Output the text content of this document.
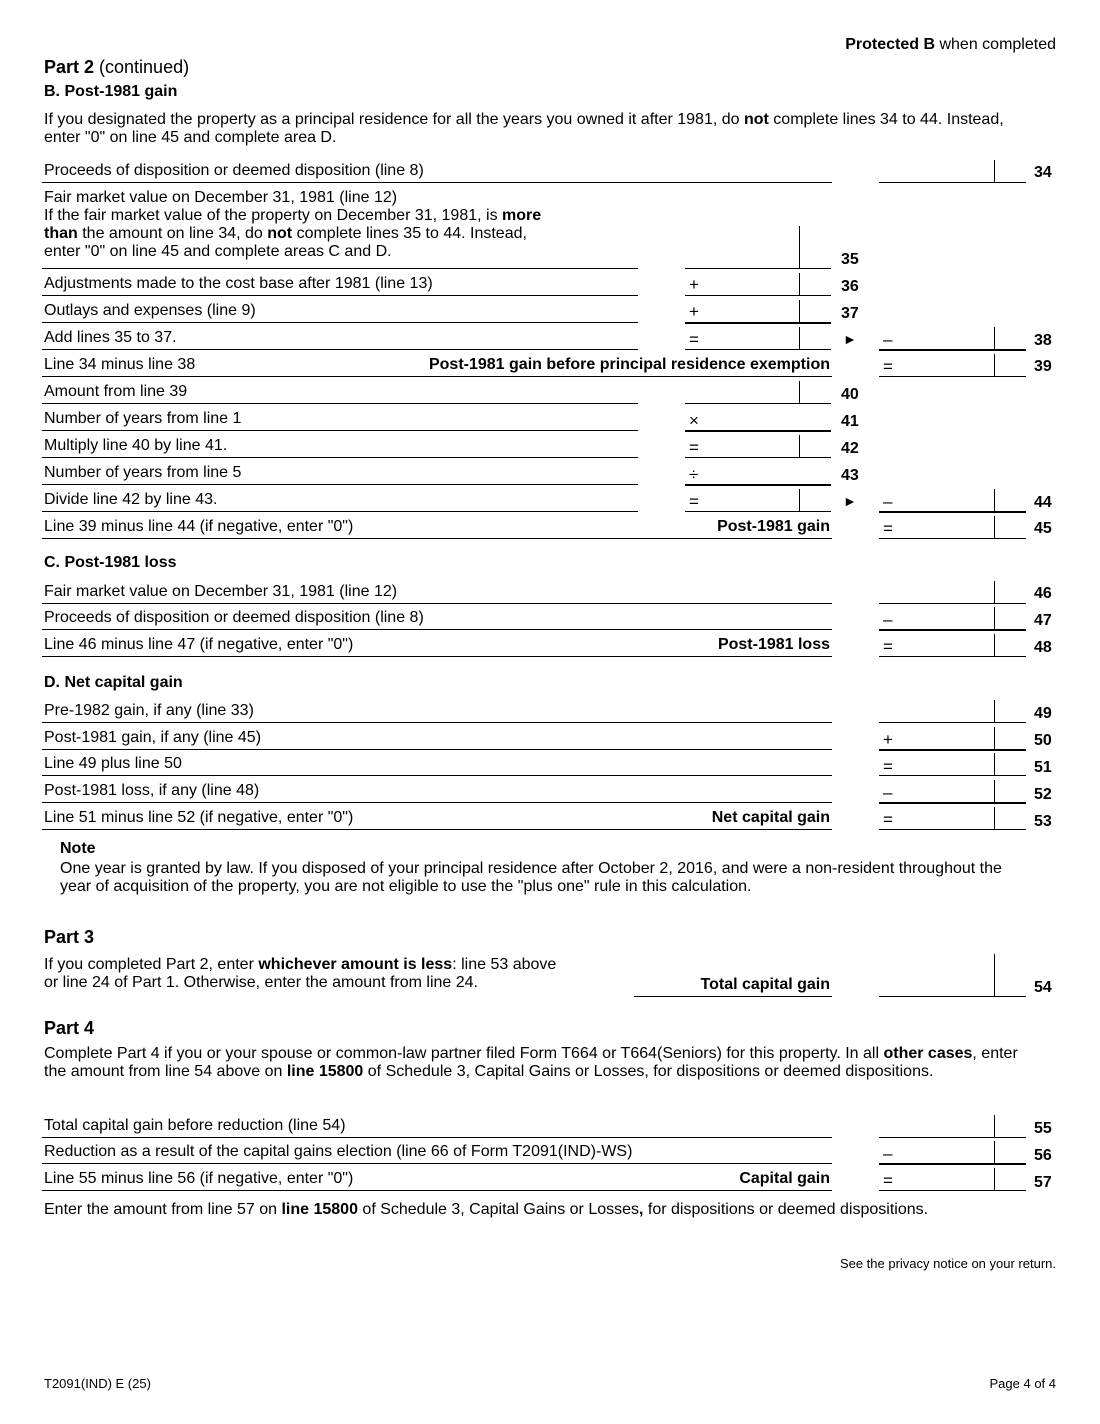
Protected B when completed
Part 2 (continued)
B. Post-1981 gain
If you designated the property as a principal residence for all the years you owned it after 1981, do not complete lines 34 to 44. Instead, enter "0" on line 45 and complete area D.
Proceeds of disposition or deemed disposition (line 8)	34
Fair market value on December 31, 1981 (line 12)
If the fair market value of the property on December 31, 1981, is more
than the amount on line 34, do not complete lines 35 to 44. Instead,
enter "0" on line 45 and complete areas C and D.	35
Adjustments made to the cost base after 1981 (line 13)	+	36
Outlays and expenses (line 9)	+	37
Add lines 35 to 37.	=	► –	38
Line 34 minus line 38	Post-1981 gain before principal residence exemption	=	39
Amount from line 39	40
Number of years from line 1	×	41
Multiply line 40 by line 41.	=	42
Number of years from line 5	÷	43
Divide line 42 by line 43.	=	► –	44
Line 39 minus line 44 (if negative, enter "0")	Post-1981 gain	=	45
C. Post-1981 loss
Fair market value on December 31, 1981 (line 12)	46
Proceeds of disposition or deemed disposition (line 8)	–	47
Line 46 minus line 47 (if negative, enter "0")	Post-1981 loss	=	48
D. Net capital gain
Pre-1982 gain, if any (line 33)	49
Post-1981 gain, if any (line 45)	+	50
Line 49 plus line 50	=	51
Post-1981 loss, if any (line 48)	–	52
Line 51 minus line 52 (if negative, enter "0")	Net capital gain	=	53
Note
One year is granted by law. If you disposed of your principal residence after October 2, 2016, and were a non-resident throughout the year of acquisition of the property, you are not eligible to use the "plus one" rule in this calculation.
Part 3
If you completed Part 2, enter whichever amount is less: line 53 above
or line 24 of Part 1. Otherwise, enter the amount from line 24.	Total capital gain	54
Part 4
Complete Part 4 if you or your spouse or common-law partner filed Form T664 or T664(Seniors) for this property. In all other cases, enter the amount from line 54 above on line 15800 of Schedule 3, Capital Gains or Losses, for dispositions or deemed dispositions.
Total capital gain before reduction (line 54)	55
Reduction as a result of the capital gains election (line 66 of Form T2091(IND)-WS)	–	56
Line 55 minus line 56 (if negative, enter "0")	Capital gain	=	57
Enter the amount from line 57 on line 15800 of Schedule 3, Capital Gains or Losses, for dispositions or deemed dispositions.
See the privacy notice on your return.
T2091(IND) E (25)	Page 4 of 4
